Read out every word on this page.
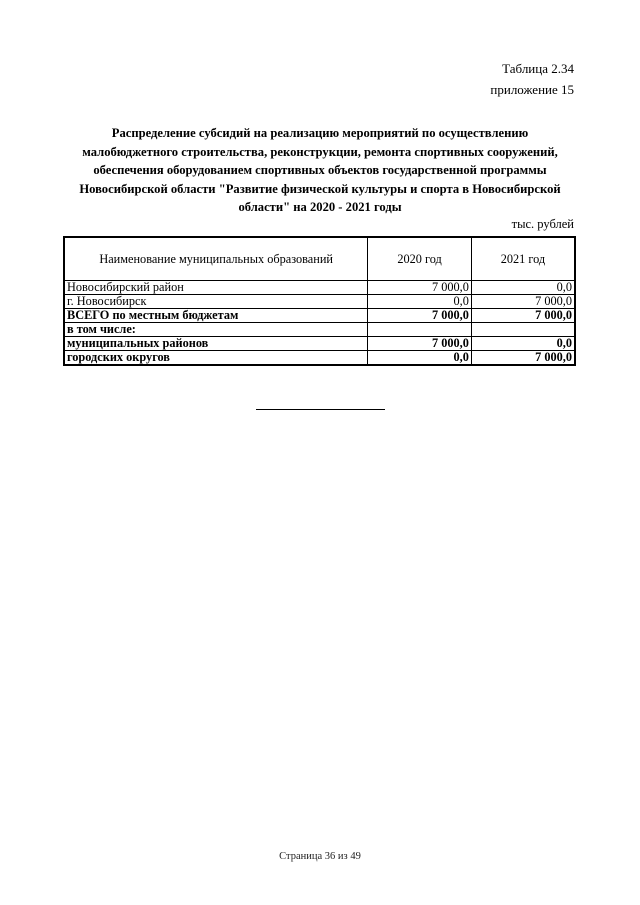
Таблица 2.34
приложение 15
Распределение субсидий на реализацию мероприятий по осуществлению малобюджетного строительства, реконструкции, ремонта спортивных сооружений, обеспечения оборудованием спортивных объектов государственной программы Новосибирской области "Развитие физической культуры и спорта в Новосибирской области" на 2020 - 2021 годы
тыс. рублей
Наименование муниципальных образований	2020 год	2021 год
Новосибирский район	7 000,0	0,0
г. Новосибирск	0,0	7 000,0
ВСЕГО по местным бюджетам	7 000,0	7 000,0
в том числе:		
муниципальных районов	7 000,0	0,0
городских округов	0,0	7 000,0
Страница 36 из 49
